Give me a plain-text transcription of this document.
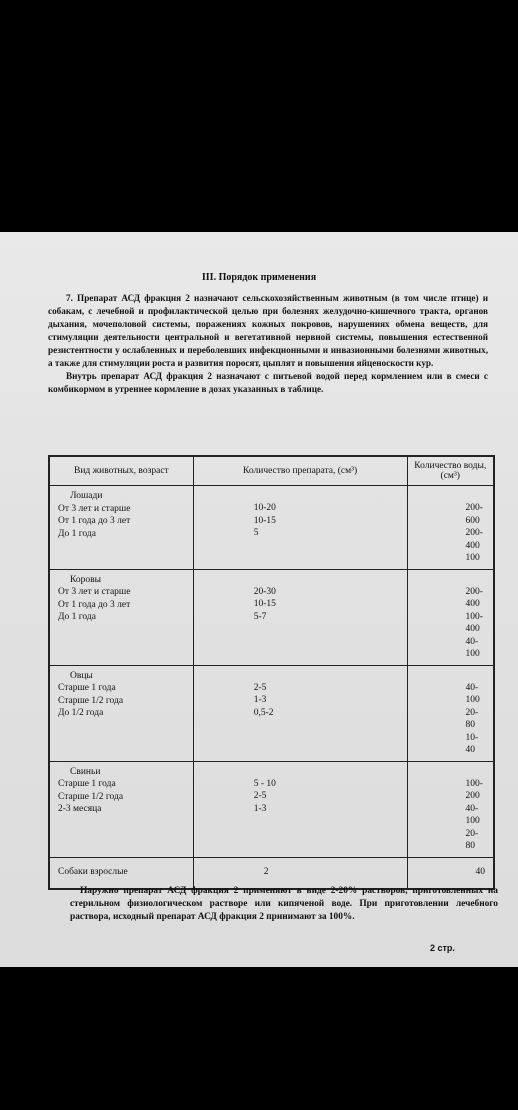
III. Порядок применения

7. Препарат АСД фракция 2 назначают сельскохозяйственным животным (в том числе птице) и собакам, с лечебной и профилактической целью при болезнях желудочно-кишечного тракта, органов дыхания, мочеполовой системы, поражениях кожных покровов, нарушениях обмена веществ, для стимуляции деятельности центральной и вегетативной нервной системы, повышения естественной резистентности у ослабленных и переболевших инфекционными и инвазионными болезнями животных, а также для стимуляции роста и развития поросят, цыплят и повышения яйценоскости кур.

Внутрь препарат АСД фракция 2 назначают с питьевой водой перед кормлением или в смеси с комбикормом в утреннее кормление в дозах указанных в таблице.

Вид животных, возраст	Количество препарата, (см³)	Количество воды, (см³)

Лошади
От 3 лет и старше
От 1 года до 3 лет
До 1 года	10-20
10-15
5	200-600
200-400
100

Коровы
От 3 лет и старше
От 1 года до 3 лет
До 1 года	20-30
10-15
5-7	200-400
100-400
40-100

Овцы
Старше 1 года
Старше 1/2 года
До 1/2 года	2-5
1-3
0,5-2	40-100
20-80
10-40

Свиньи
Старше 1 года
Старше 1/2 года
2-3 месяца	5 - 10
2-5
1-3	100-200
40-100
20-80

Собаки взрослые	2	40

Наружно препарат АСД фракция 2 применяют в виде 2-20% растворов, приготовленных на стерильном физиологическом растворе или кипяченой воде. При приготовлении лечебного раствора, исходный препарат АСД фракция 2 принимают за 100%.

2 стр.
